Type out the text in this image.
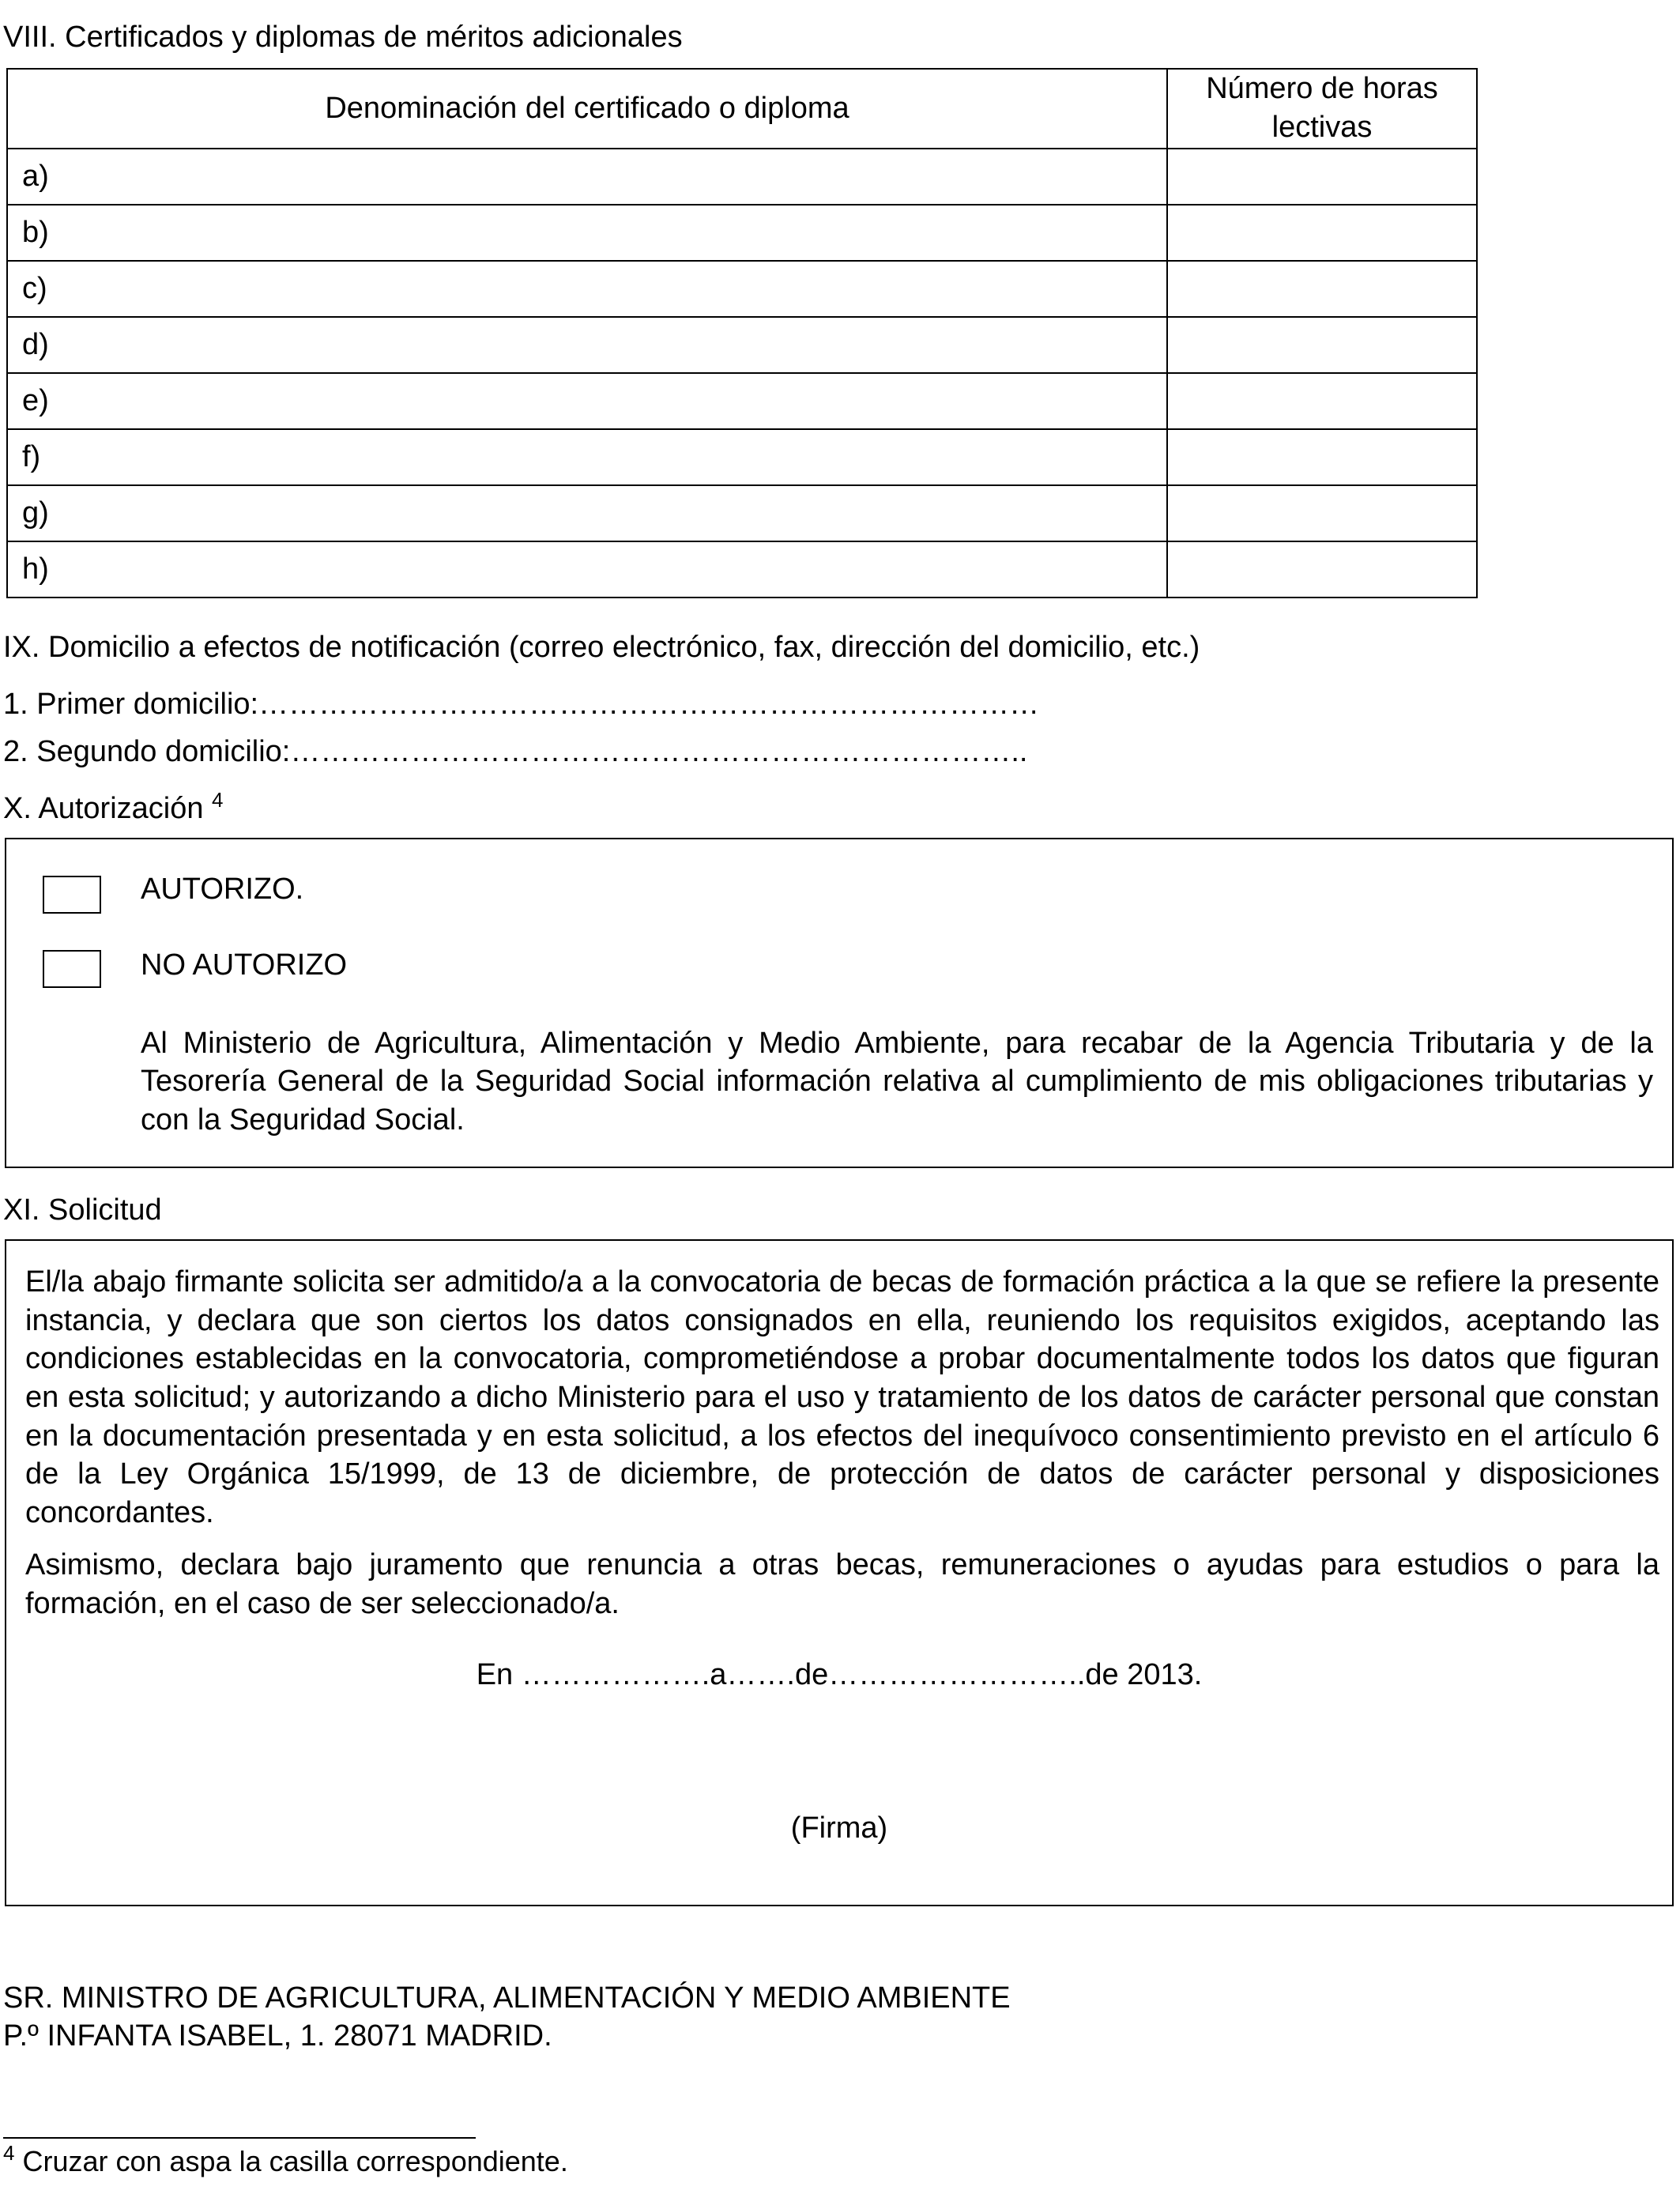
VIII. Certificados y diplomas de méritos adicionales
Denominación del certificado o diploma	Número de horas lectivas
a)	
b)	
c)	
d)	
e)	
f)	
g)	
h)	
IX. Domicilio a efectos de notificación (correo electrónico, fax, dirección del domicilio, etc.)
1. Primer domicilio:……………………………………………………………………
2. Segundo domicilio:………………………………………………………………..
X. Autorización $^4$
AUTORIZO.
NO AUTORIZO
Al Ministerio de Agricultura, Alimentación y Medio Ambiente, para recabar de la Agencia Tributaria y de la Tesorería General de la Seguridad Social información relativa al cumplimiento de mis obligaciones tributarias y con la Seguridad Social.
XI. Solicitud
El/la abajo firmante solicita ser admitido/a a la convocatoria de becas de formación práctica a la que se refiere la presente instancia, y declara que son ciertos los datos consignados en ella, reuniendo los requisitos exigidos, aceptando las condiciones establecidas en la convocatoria, comprometiéndose a probar documentalmente todos los datos que figuran en esta solicitud; y autorizando a dicho Ministerio para el uso y tratamiento de los datos de carácter personal que constan en la documentación presentada y en esta solicitud, a los efectos del inequívoco consentimiento previsto en el artículo 6 de la Ley Orgánica 15/1999, de 13 de diciembre, de protección de datos de carácter personal y disposiciones concordantes.
Asimismo, declara bajo juramento que renuncia a otras becas, remuneraciones o ayudas para estudios o para la formación, en el caso de ser seleccionado/a.
En ……………….a…….de……………………..de 2013.
(Firma)
SR. MINISTRO DE AGRICULTURA, ALIMENTACIÓN Y MEDIO AMBIENTE
P.º INFANTA ISABEL, 1. 28071 MADRID.
$^4$ Cruzar con aspa la casilla correspondiente.
